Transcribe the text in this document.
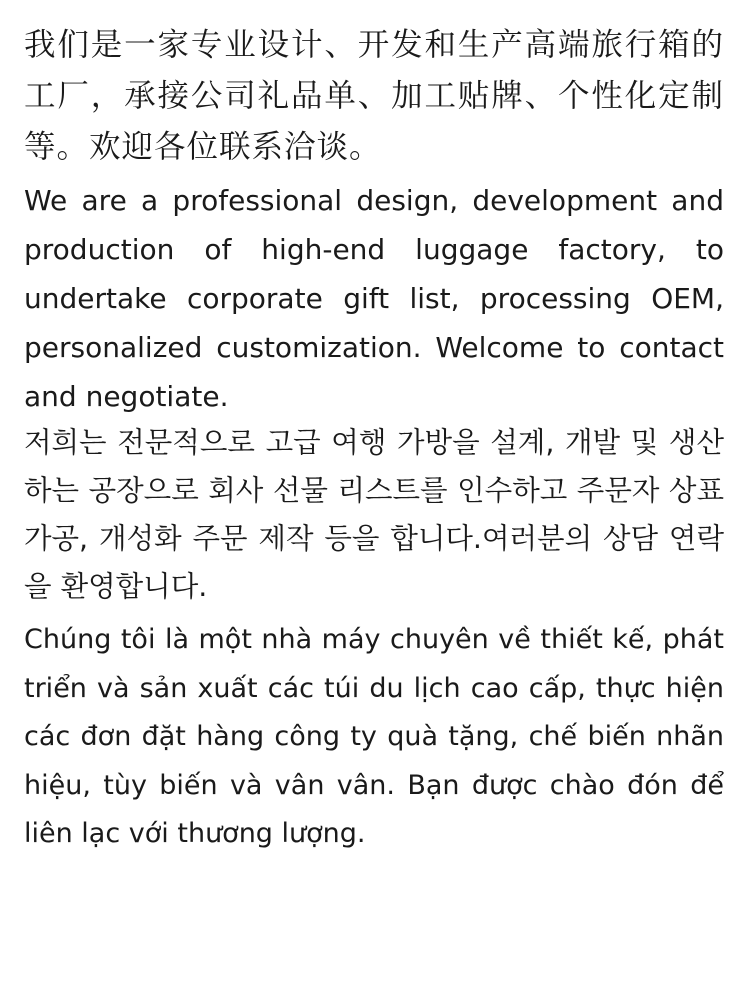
我们是一家专业设计、开发和生产高端旅行箱的工厂，承接公司礼品单、加工贴牌、个性化定制等。欢迎各位联系洽谈。

We are a professional design, development and production of high-end luggage factory, to undertake corporate gift list, processing OEM, personalized customization. Welcome to contact and negotiate.

저희는 전문적으로 고급 여행 가방을 설계, 개발 및 생산하는 공장으로 회사 선물 리스트를 인수하고 주문자 상표 가공, 개성화 주문 제작 등을 합니다.여러분의 상담 연락을 환영합니다.

Chúng tôi là một nhà máy chuyên về thiết kế, phát triển và sản xuất các túi du lịch cao cấp, thực hiện các đơn đặt hàng công ty quà tặng, chế biến nhãn hiệu, tùy biến và vân vân. Bạn được chào đón để liên lạc với thương lượng.
